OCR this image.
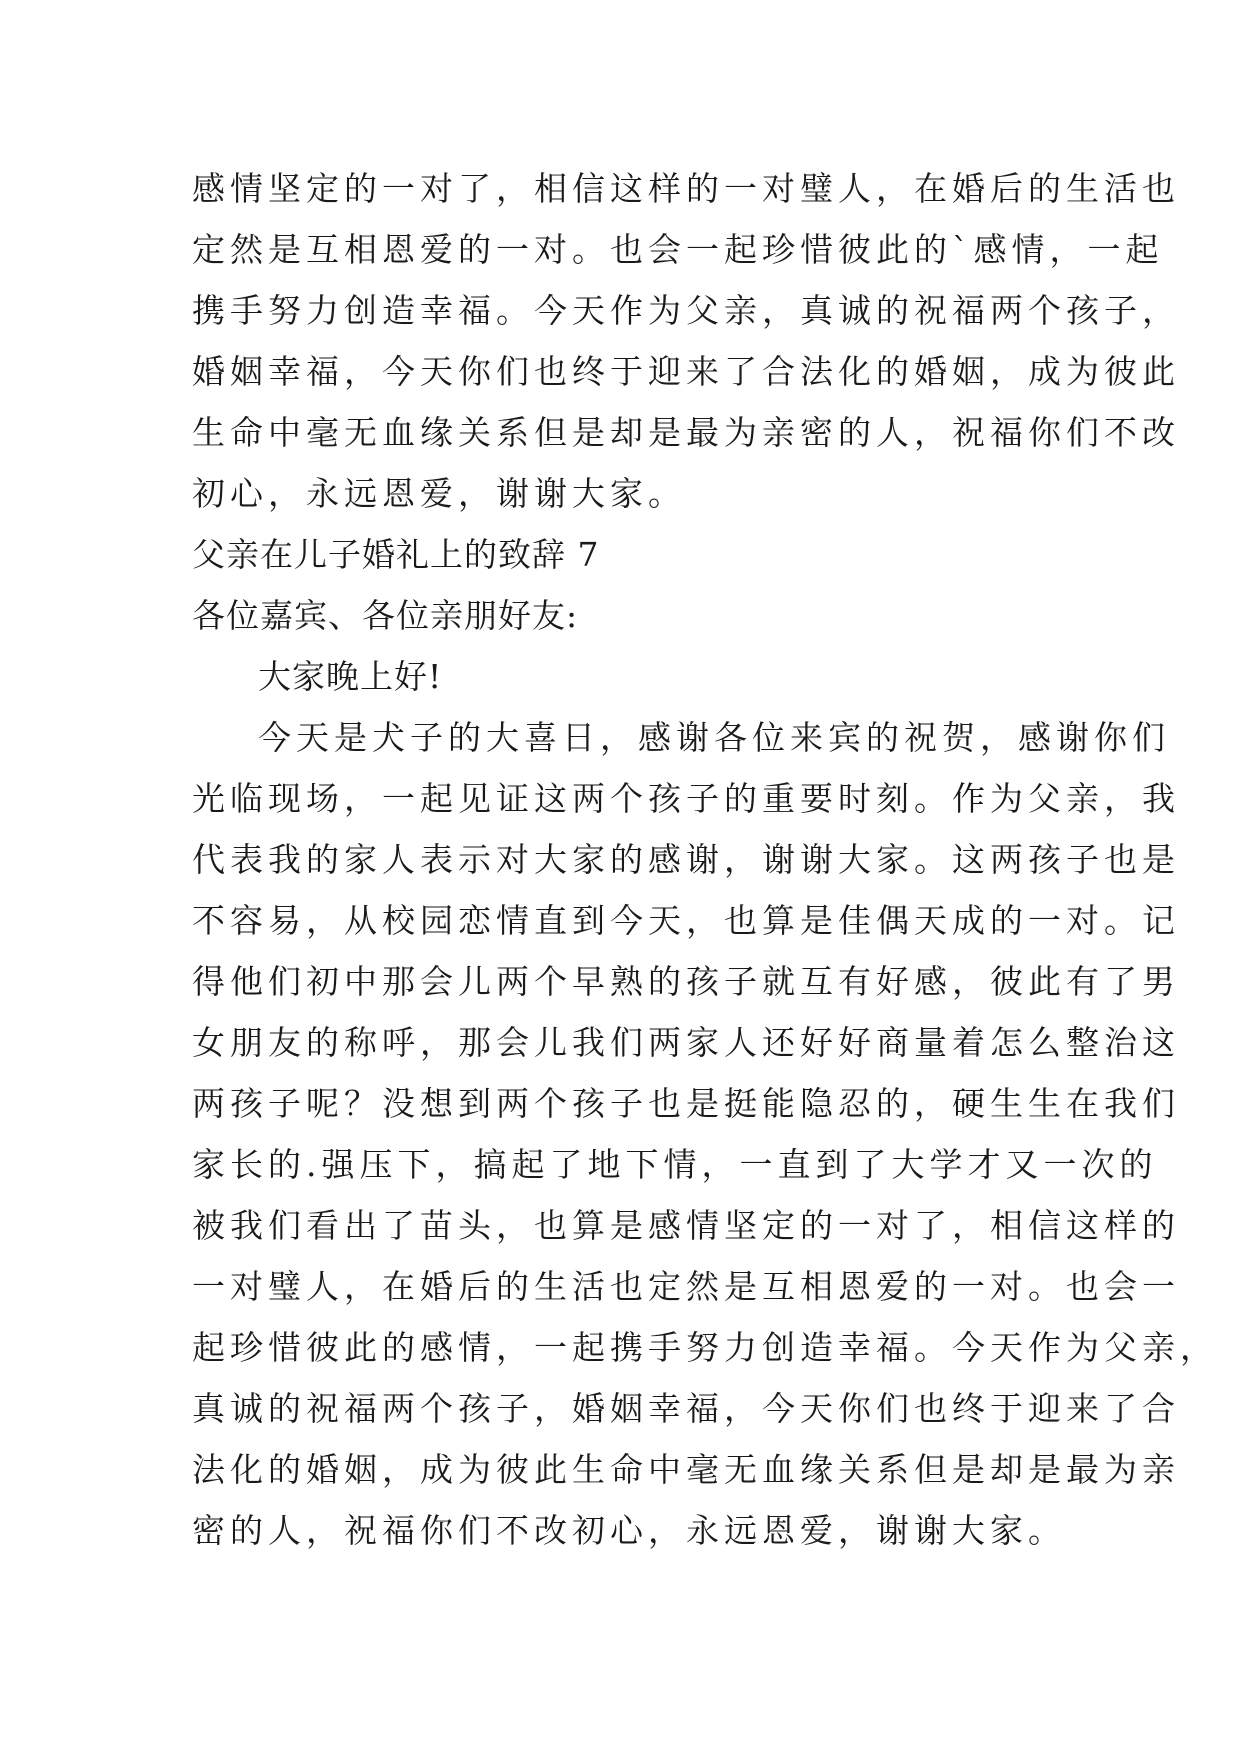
感情坚定的一对了，相信这样的一对璧人，在婚后的生活也
定然是互相恩爱的一对。也会一起珍惜彼此的`感情，一起
携手努力创造幸福。今天作为父亲，真诚的祝福两个孩子，
婚姻幸福，今天你们也终于迎来了合法化的婚姻，成为彼此
生命中毫无血缘关系但是却是最为亲密的人，祝福你们不改
初心，永远恩爱，谢谢大家。
父亲在儿子婚礼上的致辞 7
各位嘉宾、各位亲朋好友:
大家晚上好!
今天是犬子的大喜日，感谢各位来宾的祝贺，感谢你们
光临现场，一起见证这两个孩子的重要时刻。作为父亲，我
代表我的家人表示对大家的感谢，谢谢大家。这两孩子也是
不容易，从校园恋情直到今天，也算是佳偶天成的一对。记
得他们初中那会儿两个早熟的孩子就互有好感，彼此有了男
女朋友的称呼，那会儿我们两家人还好好商量着怎么整治这
两孩子呢？没想到两个孩子也是挺能隐忍的，硬生生在我们
家长的.强压下，搞起了地下情，一直到了大学才又一次的
被我们看出了苗头，也算是感情坚定的一对了，相信这样的
一对璧人，在婚后的生活也定然是互相恩爱的一对。也会一
起珍惜彼此的感情，一起携手努力创造幸福。今天作为父亲，
真诚的祝福两个孩子，婚姻幸福，今天你们也终于迎来了合
法化的婚姻，成为彼此生命中毫无血缘关系但是却是最为亲
密的人，祝福你们不改初心，永远恩爱，谢谢大家。
